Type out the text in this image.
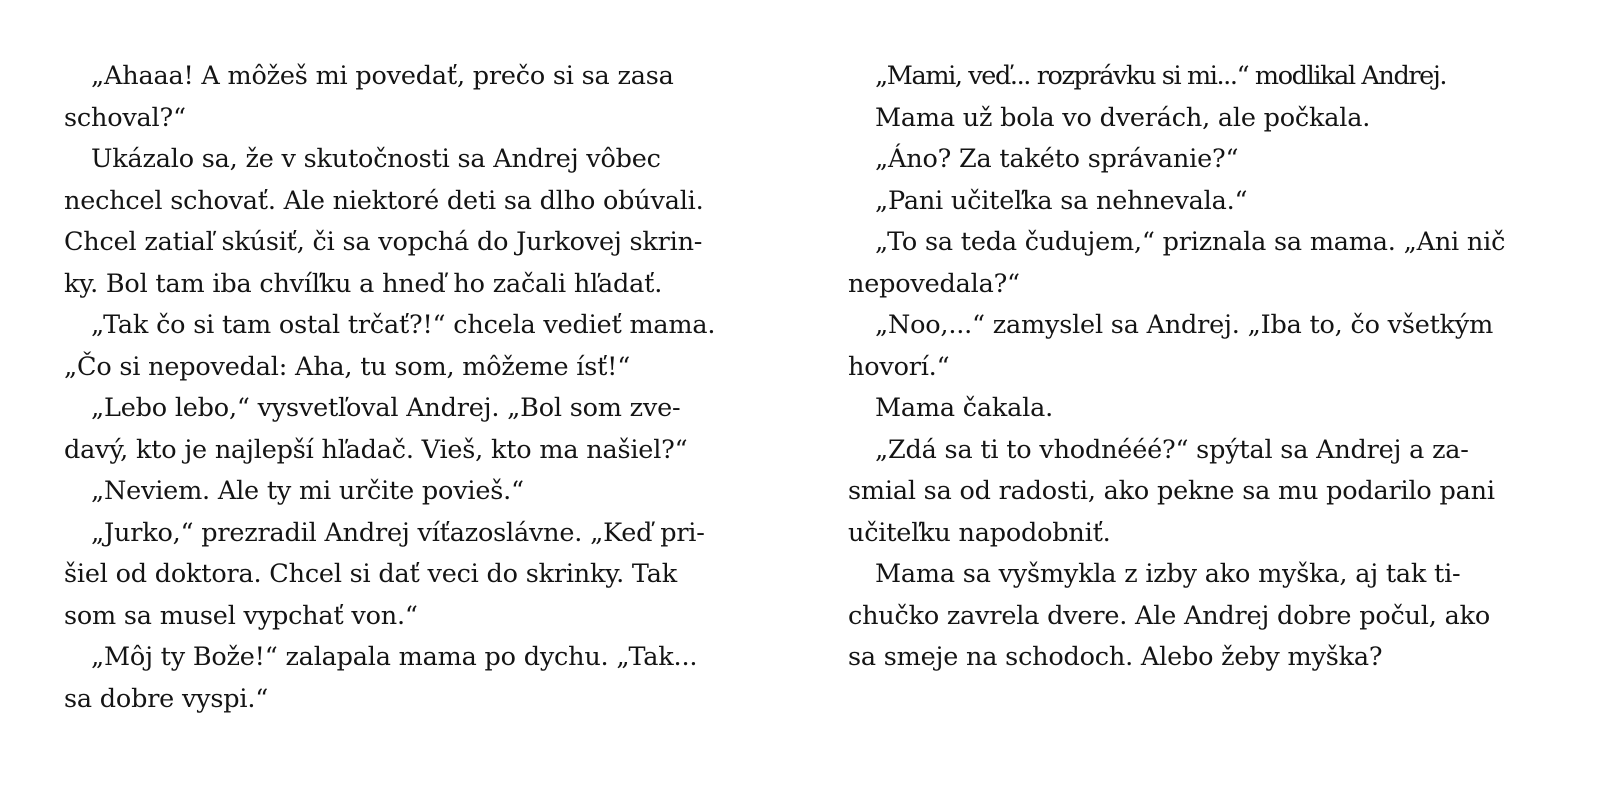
„Ahaaa! A môžeš mi povedať, prečo si sa zasa
schoval?“
Ukázalo sa, že v skutočnosti sa Andrej vôbec
nechcel schovať. Ale niektoré deti sa dlho obúvali.
Chcel zatiaľ skúsiť, či sa vopchá do Jurkovej skrin-
ky. Bol tam iba chvíľku a hneď ho začali hľadať.
„Tak čo si tam ostal trčať?!“ chcela vedieť mama.
„Čo si nepovedal: Aha, tu som, môžeme ísť!“
„Lebo lebo,“ vysvetľoval Andrej. „Bol som zve-
davý, kto je najlepší hľadač. Vieš, kto ma našiel?“
„Neviem. Ale ty mi určite povieš.“
„Jurko,“ prezradil Andrej víťazoslávne. „Keď pri-
šiel od doktora. Chcel si dať veci do skrinky. Tak
som sa musel vypchať von.“
„Môj ty Bože!“ zalapala mama po dychu. „Tak...
sa dobre vyspi.“
„Mami, veď... rozprávku si mi...“ modlikal Andrej.
Mama už bola vo dverách, ale počkala.
„Áno? Za takéto správanie?“
„Pani učiteľka sa nehnevala.“
„To sa teda čudujem,“ priznala sa mama. „Ani nič
nepovedala?“
„Noo,...“ zamyslel sa Andrej. „Iba to, čo všetkým
hovorí.“
Mama čakala.
„Zdá sa ti to vhodnééé?“ spýtal sa Andrej a za-
smial sa od radosti, ako pekne sa mu podarilo pani
učiteľku napodobniť.
Mama sa vyšmykla z izby ako myška, aj tak ti-
chučko zavrela dvere. Ale Andrej dobre počul, ako
sa smeje na schodoch. Alebo žeby myška?
